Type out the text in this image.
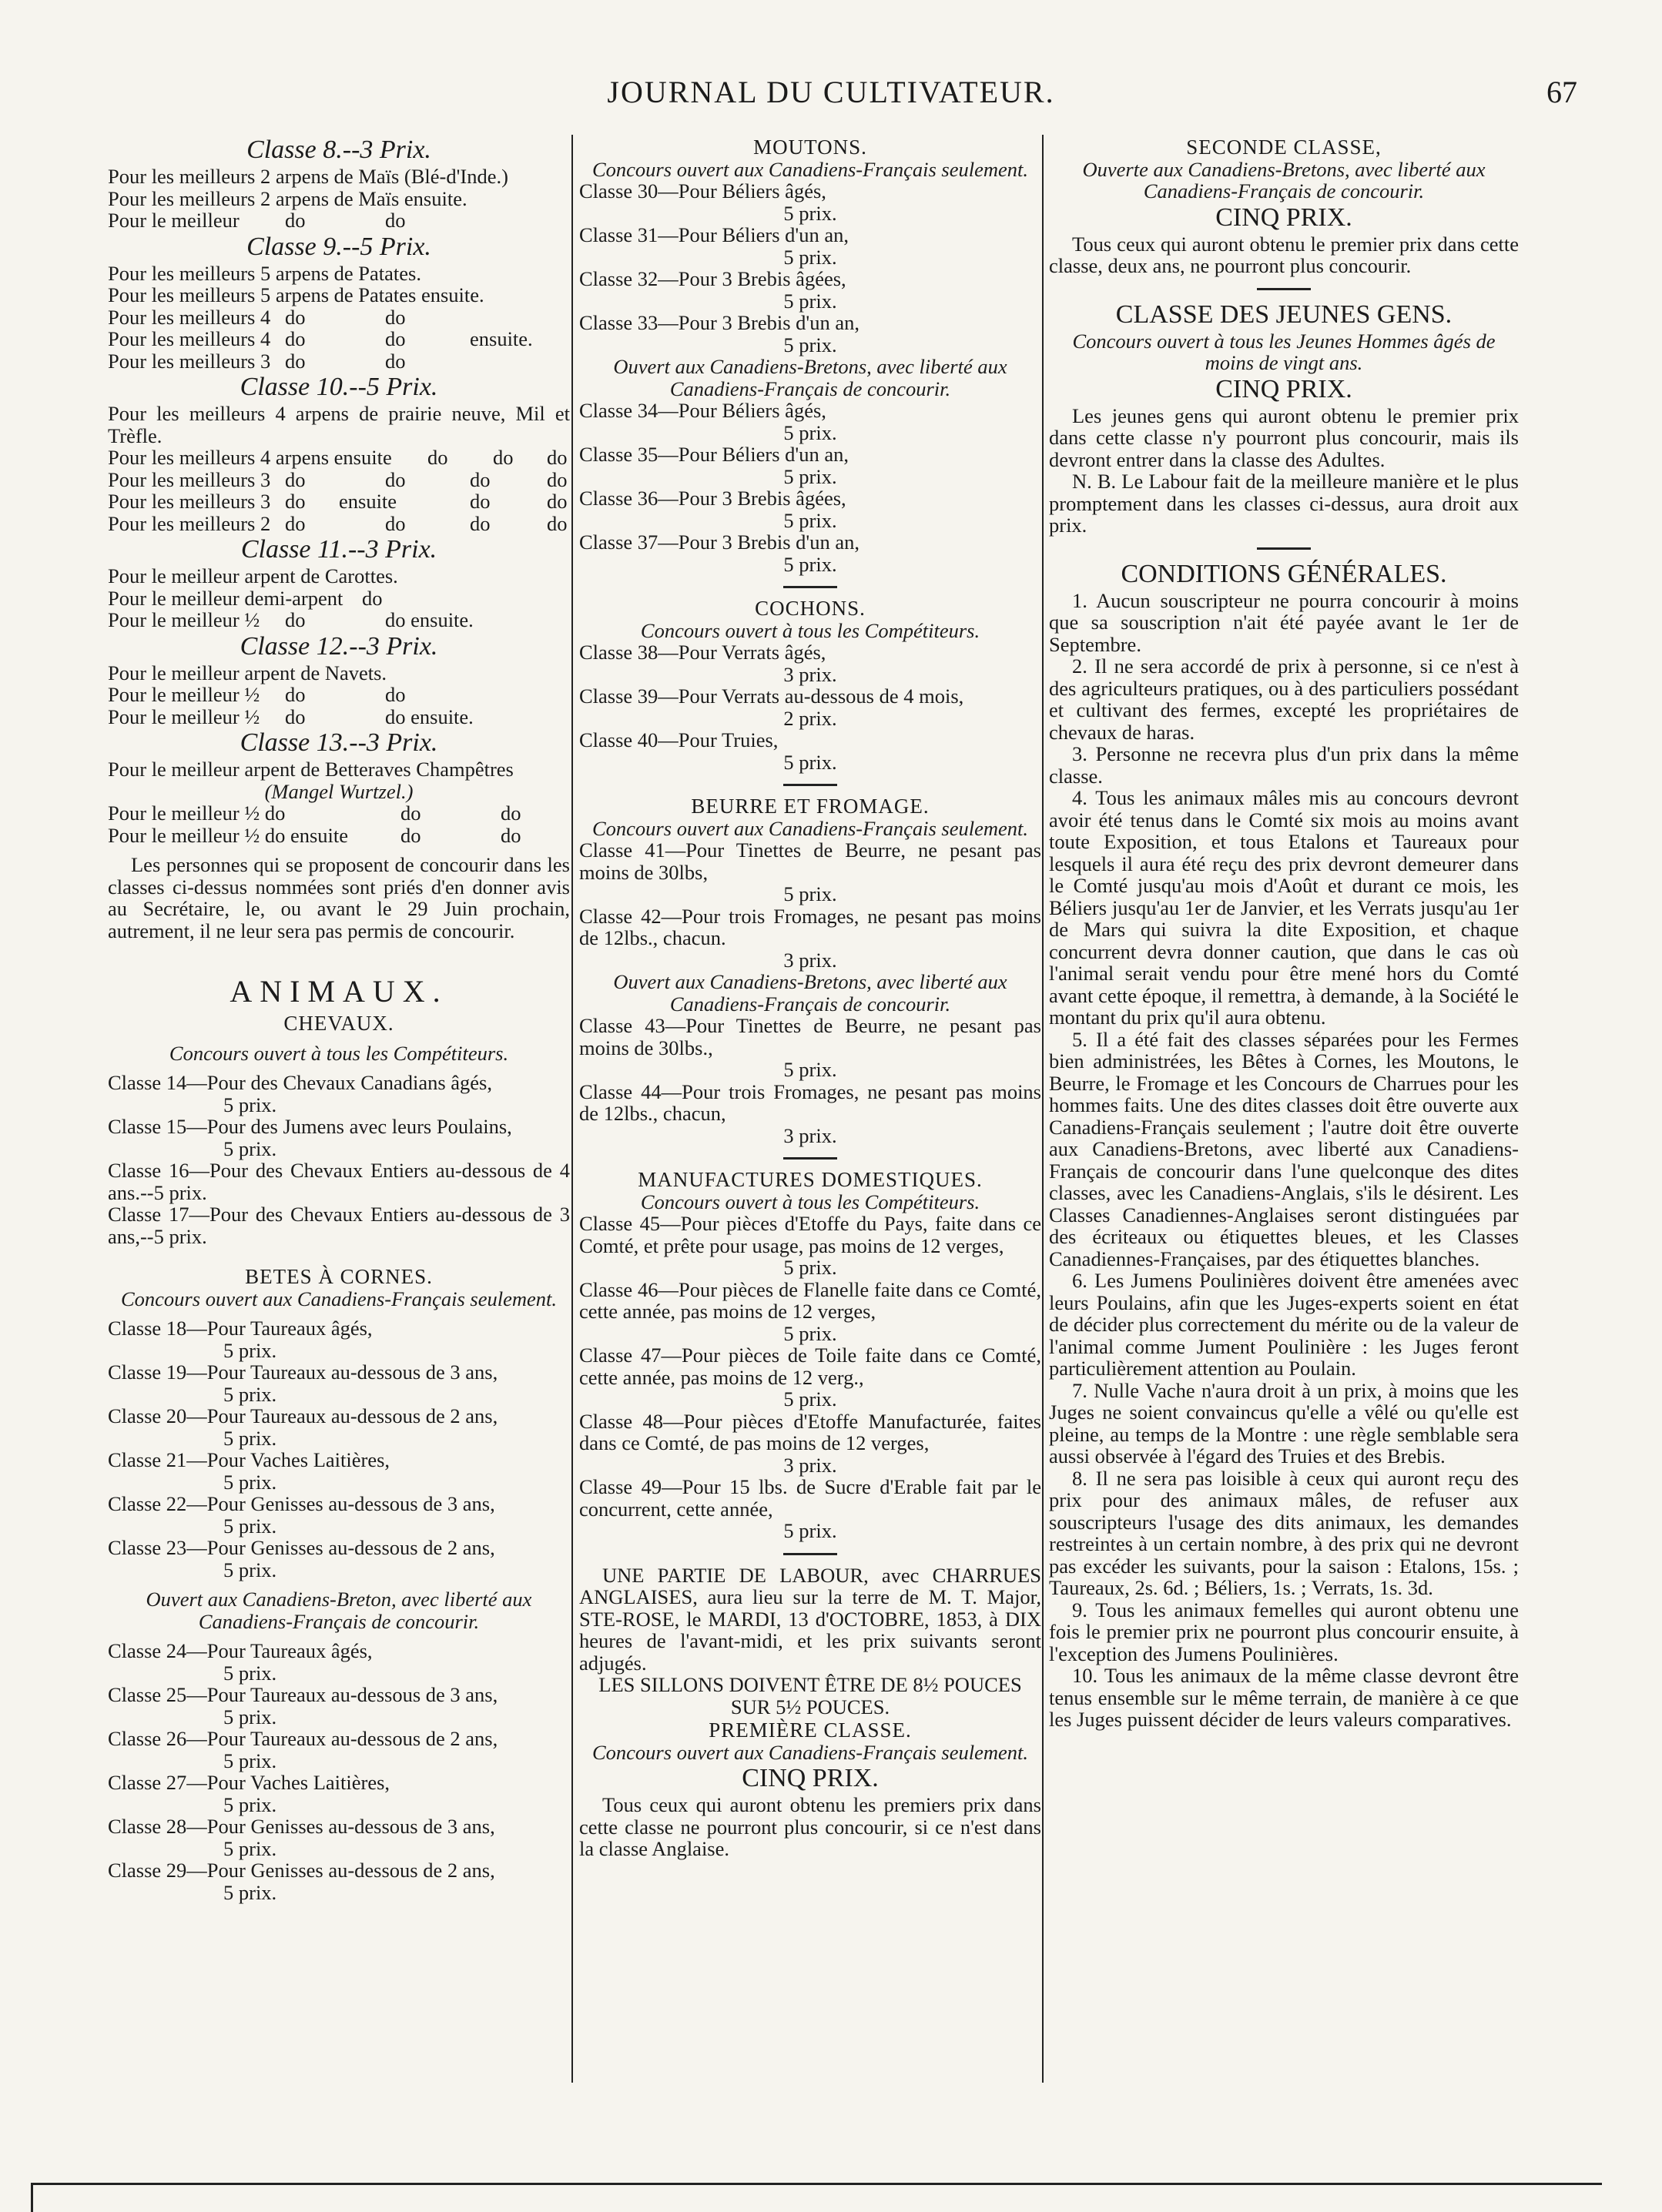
JOURNAL DU CULTIVATEUR.	67
Classe 8.--3 Prix.
Pour les meilleurs 2 arpens de Maïs (Blé-d'Inde.)
Pour les meilleurs 2 arpens de Maïs ensuite.
Pour le meilleur	do	do
Classe 9.--5 Prix.
Pour les meilleurs 5 arpens de Patates.
Pour les meilleurs 5 arpens de Patates ensuite.
Pour les meilleurs 4 do	do
Pour les meilleurs 4 do	do	ensuite.
Pour les meilleurs 3 do	do
Classe 10.--5 Prix.
Pour les meilleurs 4 arpens de prairie neuve, Mil et Trèfle.
Pour les meilleurs 4 arpens ensuite	do	do	do
Pour les meilleurs 3 do	do	do	do
Pour les meilleurs 3 do	ensuite	do	do
Pour les meilleurs 2 do	do	do	do
Classe 11.--3 Prix.
Pour le meilleur arpent de Carottes.
Pour le meilleur demi-arpent do
Pour le meilleur ½	do	do ensuite.
Classe 12.--3 Prix.
Pour le meilleur arpent de Navets.
Pour le meilleur ½	do	do
Pour le meilleur ½	do	do ensuite.
Classe 13.--3 Prix.
Pour le meilleur arpent de Betteraves Champêtres
(Mangel Wurtzel.)
Pour le meilleur ½ do	do	do
Pour le meilleur ½ do ensuite	do	do
Les personnes qui se proposent de concourir dans les classes ci-dessus nommées sont priés d'en donner avis au Secrétaire, le, ou avant le 29 Juin prochain, autrement, il ne leur sera pas permis de concourir.
ANIMAUX.
CHEVAUX.
Concours ouvert à tous les Compétiteurs.
Classe 14—Pour des Chevaux Canadians âgés,
5 prix.
Classe 15—Pour des Jumens avec leurs Poulains,
5 prix.
Classe 16—Pour des Chevaux Entiers au-dessous de 4 ans.--5 prix.
Classe 17—Pour des Chevaux Entiers au-dessous de 3 ans,--5 prix.
BETES À CORNES.
Concours ouvert aux Canadiens-Français seulement.
Classe 18—Pour Taureaux âgés,
5 prix.
Classe 19—Pour Taureaux au-dessous de 3 ans,
5 prix.
Classe 20—Pour Taureaux au-dessous de 2 ans,
5 prix.
Classe 21—Pour Vaches Laitières,
5 prix.
Classe 22—Pour Genisses au-dessous de 3 ans,
5 prix.
Classe 23—Pour Genisses au-dessous de 2 ans,
5 prix.
Ouvert aux Canadiens-Breton, avec liberté aux Canadiens-Français de concourir.
Classe 24—Pour Taureaux âgés,
5 prix.
Classe 25—Pour Taureaux au-dessous de 3 ans,
5 prix.
Classe 26—Pour Taureaux au-dessous de 2 ans,
5 prix.
Classe 27—Pour Vaches Laitières,
5 prix.
Classe 28—Pour Genisses au-dessous de 3 ans,
5 prix.
Classe 29—Pour Genisses au-dessous de 2 ans,
5 prix.
MOUTONS.
Concours ouvert aux Canadiens-Français seulement.
Classe 30—Pour Béliers âgés,
5 prix.
Classe 31—Pour Béliers d'un an,
5 prix.
Classe 32—Pour 3 Brebis âgées,
5 prix.
Classe 33—Pour 3 Brebis d'un an,
5 prix.
Ouvert aux Canadiens-Bretons, avec liberté aux Canadiens-Français de concourir.
Classe 34—Pour Béliers âgés,
5 prix.
Classe 35—Pour Béliers d'un an,
5 prix.
Classe 36—Pour 3 Brebis âgées,
5 prix.
Classe 37—Pour 3 Brebis d'un an,
5 prix.
COCHONS.
Concours ouvert à tous les Compétiteurs.
Classe 38—Pour Verrats âgés,
3 prix.
Classe 39—Pour Verrats au-dessous de 4 mois,
2 prix.
Classe 40—Pour Truies,
5 prix.
BEURRE ET FROMAGE.
Concours ouvert aux Canadiens-Français seulement.
Classe 41—Pour Tinettes de Beurre, ne pesant pas moins de 30lbs,
5 prix.
Classe 42—Pour trois Fromages, ne pesant pas moins de 12lbs., chacun.
3 prix.
Ouvert aux Canadiens-Bretons, avec liberté aux Canadiens-Français de concourir.
Classe 43—Pour Tinettes de Beurre, ne pesant pas moins de 30lbs.,
5 prix.
Classe 44—Pour trois Fromages, ne pesant pas moins de 12lbs., chacun,
3 prix.
MANUFACTURES DOMESTIQUES.
Concours ouvert à tous les Compétiteurs.
Classe 45—Pour pièces d'Etoffe du Pays, faite dans ce Comté, et prête pour usage, pas moins de 12 verges,
5 prix.
Classe 46—Pour pièces de Flanelle faite dans ce Comté, cette année, pas moins de 12 verges,
5 prix.
Classe 47—Pour pièces de Toile faite dans ce Comté, cette année, pas moins de 12 verg.,
5 prix.
Classe 48—Pour pièces d'Etoffe Manufacturée, faites dans ce Comté, de pas moins de 12 verges,
3 prix.
Classe 49—Pour 15 lbs. de Sucre d'Erable fait par le concurrent, cette année,
5 prix.
UNE PARTIE DE LABOUR, avec CHARRUES ANGLAISES, aura lieu sur la terre de M. T. Major, STE-ROSE, le MARDI, 13 d'OCTOBRE, 1853, à DIX heures de l'avant-midi, et les prix suivants seront adjugés.
LES SILLONS DOIVENT ÊTRE DE 8½ POUCES
SUR 5½ POUCES.
PREMIÈRE CLASSE.
Concours ouvert aux Canadiens-Français seulement.
CINQ PRIX.
Tous ceux qui auront obtenu les premiers prix dans cette classe ne pourront plus concourir, si ce n'est dans la classe Anglaise.
SECONDE CLASSE,
Ouverte aux Canadiens-Bretons, avec liberté aux Canadiens-Français de concourir.
CINQ PRIX.
Tous ceux qui auront obtenu le premier prix dans cette classe, deux ans, ne pourront plus concourir.
CLASSE DES JEUNES GENS.
Concours ouvert à tous les Jeunes Hommes âgés de moins de vingt ans.
CINQ PRIX.
Les jeunes gens qui auront obtenu le premier prix dans cette classe n'y pourront plus concourir, mais ils devront entrer dans la classe des Adultes.
N. B. Le Labour fait de la meilleure manière et le plus promptement dans les classes ci-dessus, aura droit aux prix.
CONDITIONS GÉNÉRALES.
1. Aucun souscripteur ne pourra concourir à moins que sa souscription n'ait été payée avant le 1er de Septembre.
2. Il ne sera accordé de prix à personne, si ce n'est à des agriculteurs pratiques, ou à des particuliers possédant et cultivant des fermes, excepté les propriétaires de chevaux de haras.
3. Personne ne recevra plus d'un prix dans la même classe.
4. Tous les animaux mâles mis au concours devront avoir été tenus dans le Comté six mois au moins avant toute Exposition, et tous Etalons et Taureaux pour lesquels il aura été reçu des prix devront demeurer dans le Comté jusqu'au mois d'Août et durant ce mois, les Béliers jusqu'au 1er de Janvier, et les Verrats jusqu'au 1er de Mars qui suivra la dite Exposition, et chaque concurrent devra donner caution, que dans le cas où l'animal serait vendu pour être mené hors du Comté avant cette époque, il remettra, à demande, à la Société le montant du prix qu'il aura obtenu.
5. Il a été fait des classes séparées pour les Fermes bien administrées, les Bêtes à Cornes, les Moutons, le Beurre, le Fromage et les Concours de Charrues pour les hommes faits. Une des dites classes doit être ouverte aux Canadiens-Français seulement ; l'autre doit être ouverte aux Canadiens-Bretons, avec liberté aux Canadiens-Français de concourir dans l'une quelconque des dites classes, avec les Canadiens-Anglais, s'ils le désirent. Les Classes Canadiennes-Anglaises seront distinguées par des écriteaux ou étiquettes bleues, et les Classes Canadiennes-Françaises, par des étiquettes blanches.
6. Les Jumens Poulinières doivent être amenées avec leurs Poulains, afin que les Juges-experts soient en état de décider plus correctement du mérite ou de la valeur de l'animal comme Jument Poulinière : les Juges feront particulièrement attention au Poulain.
7. Nulle Vache n'aura droit à un prix, à moins que les Juges ne soient convaincus qu'elle a vêlé ou qu'elle est pleine, au temps de la Montre : une règle semblable sera aussi observée à l'égard des Truies et des Brebis.
8. Il ne sera pas loisible à ceux qui auront reçu des prix pour des animaux mâles, de refuser aux souscripteurs l'usage des dits animaux, les demandes restreintes à un certain nombre, à des prix qui ne devront pas excéder les suivants, pour la saison : Etalons, 15s. ; Taureaux, 2s. 6d. ; Béliers, 1s. ; Verrats, 1s. 3d.
9. Tous les animaux femelles qui auront obtenu une fois le premier prix ne pourront plus concourir ensuite, à l'exception des Jumens Poulinières.
10. Tous les animaux de la même classe devront être tenus ensemble sur le même terrain, de manière à ce que les Juges puissent décider de leurs valeurs comparatives.
